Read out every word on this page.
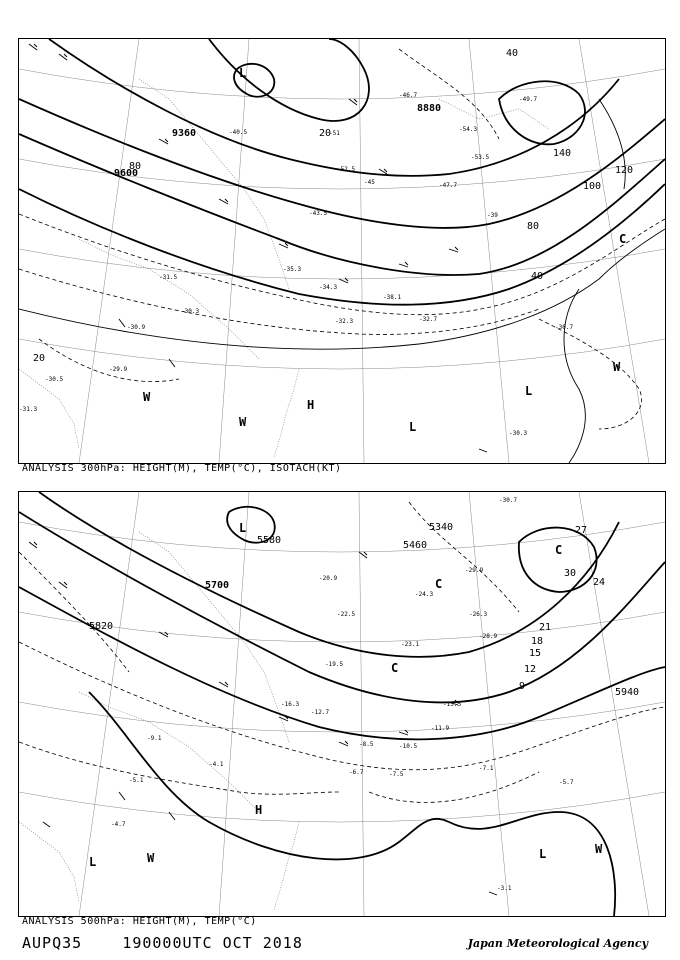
9360
9600
8880
40
80	120
100
20
40
80
140
20
L
H
L
L
C
W
W
W
-51
-47.7
-49.7
-54.3
-53.5
-43.5
-40.5
-39
-38.1
-35.3
-32.3
-31.5
-30.3
-30.9
-29.9
-30.5
-31.3
-32.7
-30.7
-30.3
-34.3
-45
-52.5
-46.7
ANALYSIS 300hPa: HEIGHT(M), TEMP(°C), ISOTACH(KT)
5580
5700
5820
5340
5940
27
24
21
18
15
12
9
30
5460
L
H
L
L
C
C
C
W
W
-22.5
-23.1
-19.5
-16.3
-12.7
-10.5
-7.5
-7.1
-5.7
-4.7
-3.1
-5.1
-4.1
-6.7
-8.5
-9.1
-11.9
-15.5
-29.9
-30.7
-28.9
-26.3
-24.3
-20.9
ANALYSIS 500hPa: HEIGHT(M), TEMP(°C)
AUPQ35	190000UTC OCT 2018	Japan Meteorological Agency
